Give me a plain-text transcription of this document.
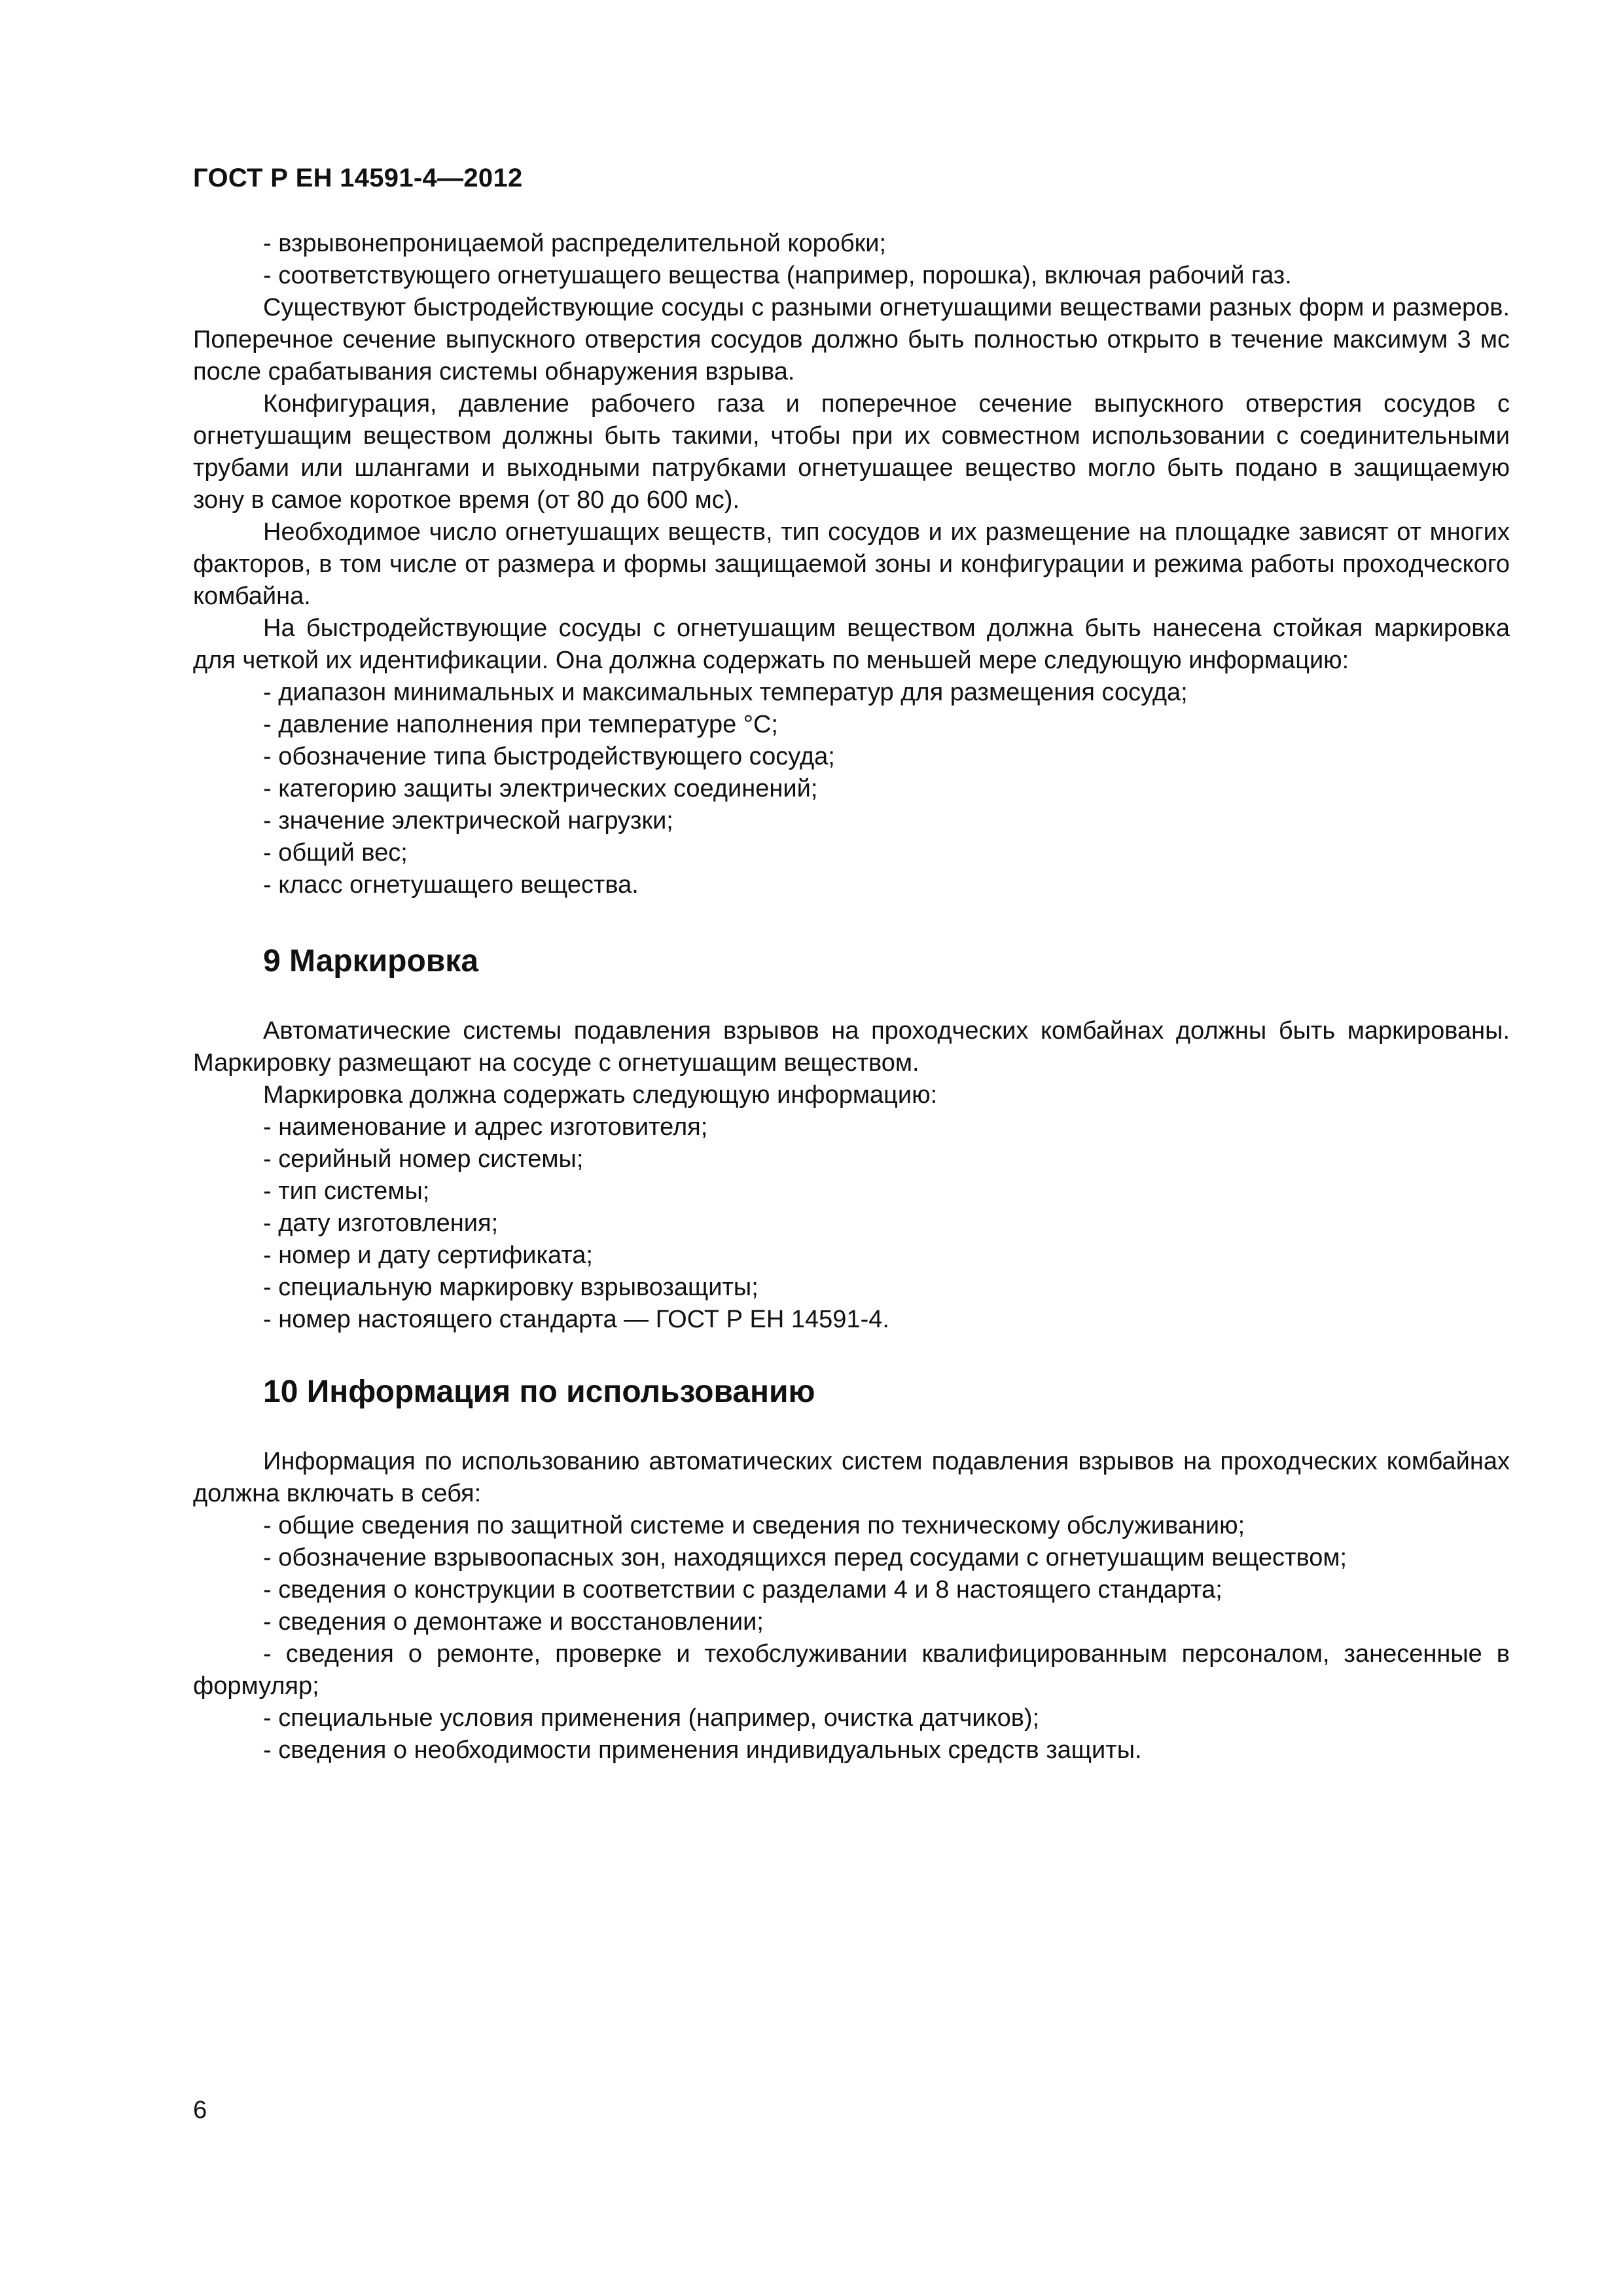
ГОСТ Р ЕН 14591-4—2012

- взрывонепроницаемой распределительной коробки;

- соответствующего огнетушащего вещества (например, порошка), включая рабочий газ.

Существуют быстродействующие сосуды с разными огнетушащими веществами разных форм и размеров. Поперечное сечение выпускного отверстия сосудов должно быть полностью открыто в течение максимум 3 мс после срабатывания системы обнаружения взрыва.

Конфигурация, давление рабочего газа и поперечное сечение выпускного отверстия сосудов с огнетушащим веществом должны быть такими, чтобы при их совместном использовании с соединительными трубами или шлангами и выходными патрубками огнетушащее вещество могло быть подано в защищаемую зону в самое короткое время (от 80 до 600 мс).

Необходимое число огнетушащих веществ, тип сосудов и их размещение на площадке зависят от многих факторов, в том числе от размера и формы защищаемой зоны и конфигурации и режима работы проходческого комбайна.

На быстродействующие сосуды с огнетушащим веществом должна быть нанесена стойкая маркировка для четкой их идентификации. Она должна содержать по меньшей мере следующую информацию:

- диапазон минимальных и максимальных температур для размещения сосуда;

- давление наполнения при температуре °С;

- обозначение типа быстродействующего сосуда;

- категорию защиты электрических соединений;

- значение электрической нагрузки;

- общий вес;

- класс огнетушащего вещества.

9 Маркировка

Автоматические системы подавления взрывов на проходческих комбайнах должны быть маркированы. Маркировку размещают на сосуде с огнетушащим веществом.

Маркировка должна содержать следующую информацию:

- наименование и адрес изготовителя;

- серийный номер системы;

- тип системы;

- дату изготовления;

- номер и дату сертификата;

- специальную маркировку взрывозащиты;

- номер настоящего стандарта — ГОСТ Р ЕН 14591-4.

10 Информация по использованию

Информация по использованию автоматических систем подавления взрывов на проходческих комбайнах должна включать в себя:

- общие сведения по защитной системе и сведения по техническому обслуживанию;

- обозначение взрывоопасных зон, находящихся перед сосудами с огнетушащим веществом;

- сведения о конструкции в соответствии с разделами 4 и 8 настоящего стандарта;

- сведения о демонтаже и восстановлении;

- сведения о ремонте, проверке и техобслуживании квалифицированным персоналом, занесенные в формуляр;

- специальные условия применения (например, очистка датчиков);

- сведения о необходимости применения индивидуальных средств защиты.

6
